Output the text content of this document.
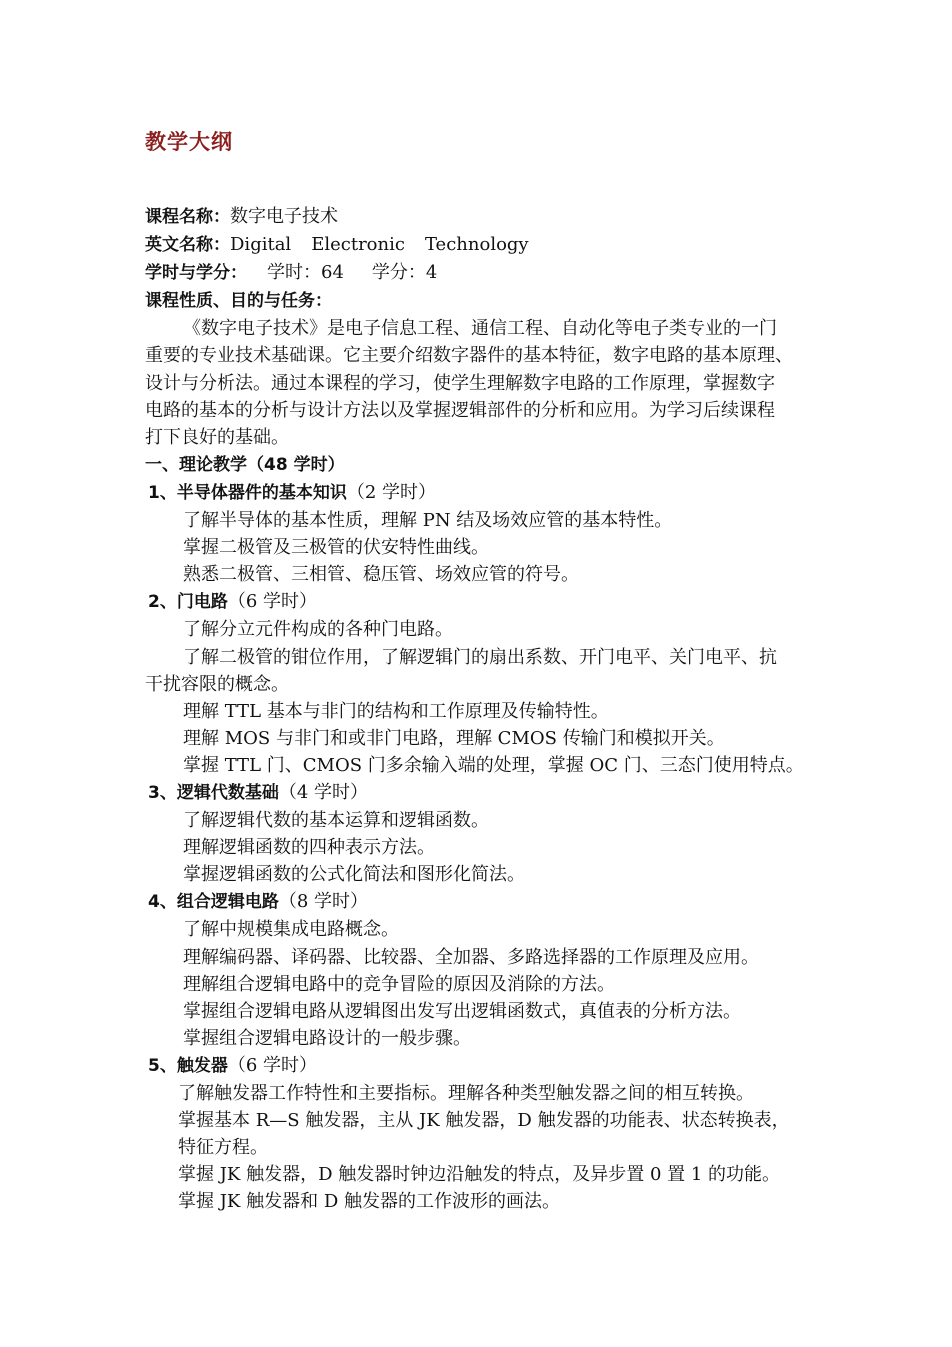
教学大纲
课程名称：数字电子技术
英文名称：Digital Electronic Technology
学时与学分： 学时：64 学分：4
课程性质、目的与任务：
《数字电子技术》是电子信息工程、通信工程、自动化等电子类专业的一门
重要的专业技术基础课。它主要介绍数字器件的基本特征，数字电路的基本原理、
设计与分析法。通过本课程的学习，使学生理解数字电路的工作原理，掌握数字
电路的基本的分析与设计方法以及掌握逻辑部件的分析和应用。为学习后续课程
打下良好的基础。
一、理论教学（48 学时）
1、半导体器件的基本知识（2 学时）
了解半导体的基本性质，理解 PN 结及场效应管的基本特性。
掌握二极管及三极管的伏安特性曲线。
熟悉二极管、三相管、稳压管、场效应管的符号。
2、门电路（6 学时）
了解分立元件构成的各种门电路。
了解二极管的钳位作用，了解逻辑门的扇出系数、开门电平、关门电平、抗
干扰容限的概念。
理解 TTL 基本与非门的结构和工作原理及传输特性。
理解 MOS 与非门和或非门电路，理解 CMOS 传输门和模拟开关。
掌握 TTL 门、CMOS 门多余输入端的处理，掌握 OC 门、三态门使用特点。
3、逻辑代数基础（4 学时）
了解逻辑代数的基本运算和逻辑函数。
理解逻辑函数的四种表示方法。
掌握逻辑函数的公式化简法和图形化简法。
4、组合逻辑电路（8 学时）
了解中规模集成电路概念。
理解编码器、译码器、比较器、全加器、多路选择器的工作原理及应用。
理解组合逻辑电路中的竞争冒险的原因及消除的方法。
掌握组合逻辑电路从逻辑图出发写出逻辑函数式，真值表的分析方法。
掌握组合逻辑电路设计的一般步骤。
5、触发器（6 学时）
了解触发器工作特性和主要指标。理解各种类型触发器之间的相互转换。
掌握基本 R—S 触发器，主从 JK 触发器，D 触发器的功能表、状态转换表，
特征方程。
掌握 JK 触发器，D 触发器时钟边沿触发的特点，及异步置 0 置 1 的功能。
掌握 JK 触发器和 D 触发器的工作波形的画法。
